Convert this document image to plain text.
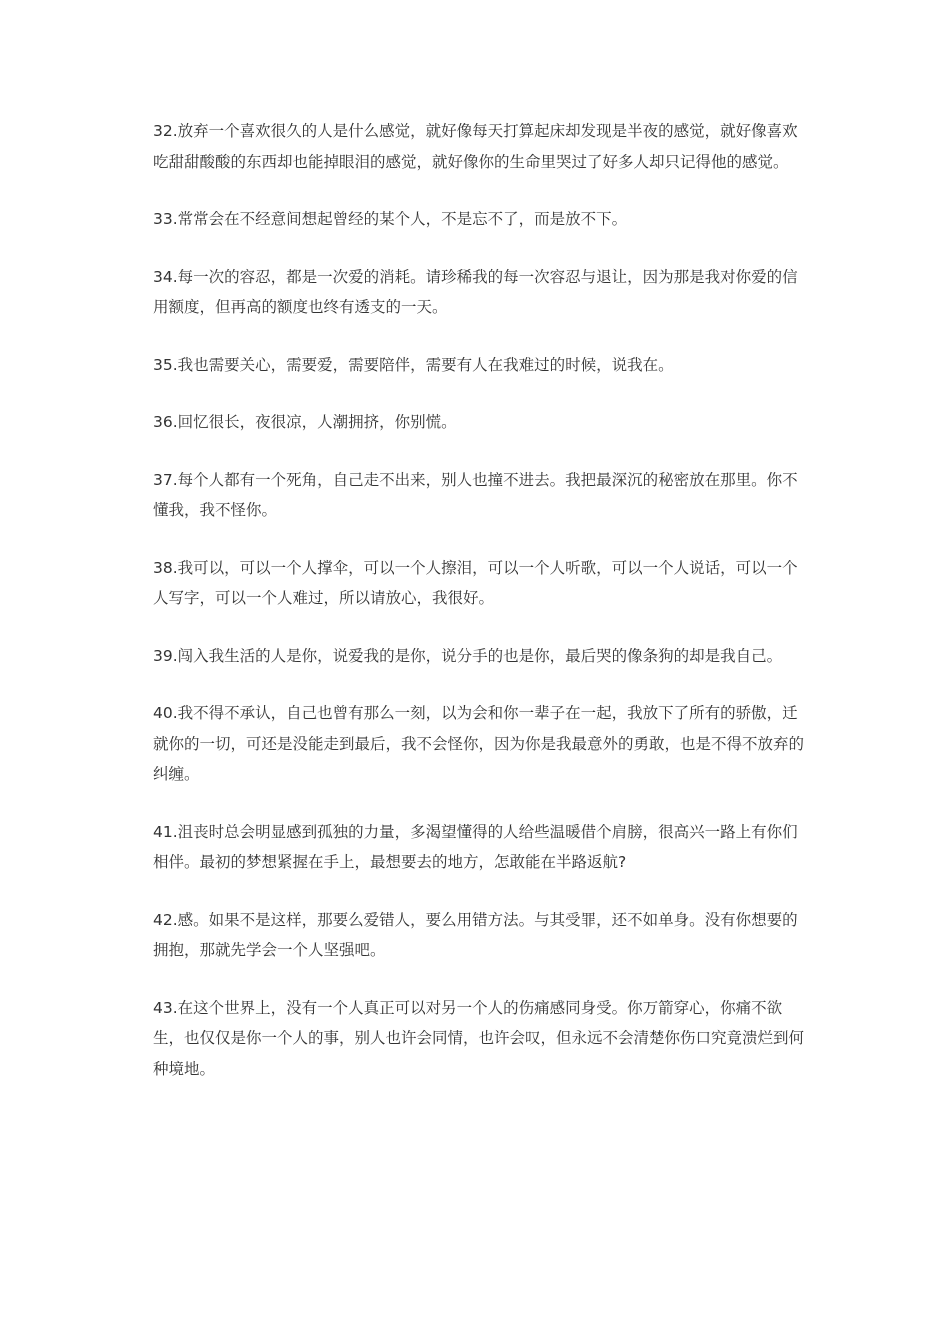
32.放弃一个喜欢很久的人是什么感觉，就好像每天打算起床却发现是半夜的感觉，就好像喜欢吃甜甜酸酸的东西却也能掉眼泪的感觉，就好像你的生命里哭过了好多人却只记得他的感觉。

33.常常会在不经意间想起曾经的某个人，不是忘不了，而是放不下。

34.每一次的容忍，都是一次爱的消耗。请珍稀我的每一次容忍与退让，因为那是我对你爱的信用额度，但再高的额度也终有透支的一天。

35.我也需要关心，需要爱，需要陪伴，需要有人在我难过的时候，说我在。

36.回忆很长，夜很凉，人潮拥挤，你别慌。

37.每个人都有一个死角，自己走不出来，别人也撞不进去。我把最深沉的秘密放在那里。你不懂我，我不怪你。

38.我可以，可以一个人撑伞，可以一个人擦泪，可以一个人听歌，可以一个人说话，可以一个人写字，可以一个人难过，所以请放心，我很好。

39.闯入我生活的人是你，说爱我的是你，说分手的也是你，最后哭的像条狗的却是我自己。

40.我不得不承认，自己也曾有那么一刻，以为会和你一辈子在一起，我放下了所有的骄傲，迁就你的一切，可还是没能走到最后，我不会怪你，因为你是我最意外的勇敢，也是不得不放弃的纠缠。

41.沮丧时总会明显感到孤独的力量，多渴望懂得的人给些温暖借个肩膀，很高兴一路上有你们相伴。最初的梦想紧握在手上，最想要去的地方，怎敢能在半路返航?

42.感。如果不是这样，那要么爱错人，要么用错方法。与其受罪，还不如单身。没有你想要的拥抱，那就先学会一个人坚强吧。

43.在这个世界上，没有一个人真正可以对另一个人的伤痛感同身受。你万箭穿心，你痛不欲生，也仅仅是你一个人的事，别人也许会同情，也许会叹，但永远不会清楚你伤口究竟溃烂到何种境地。
